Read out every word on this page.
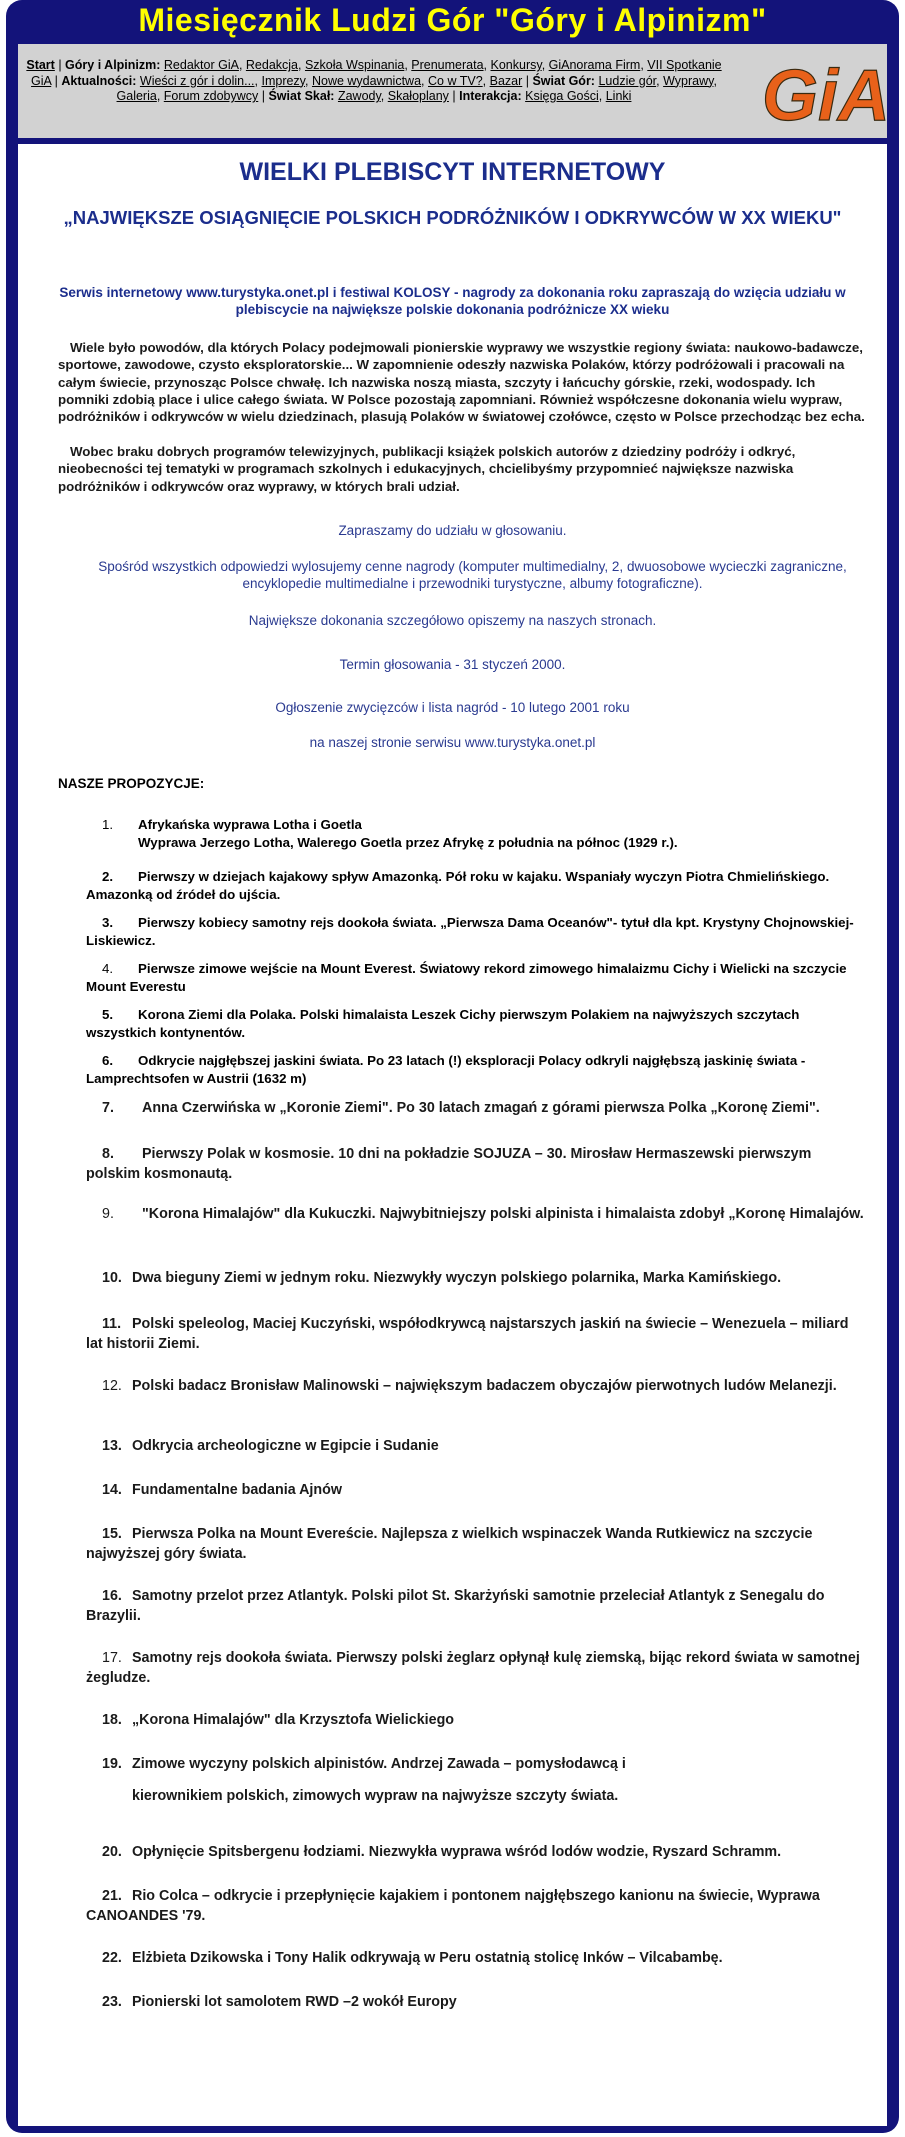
Miesięcznik Ludzi Gór "Góry i Alpinizm"
Start | Góry i Alpinizm: Redaktor GiA, Redakcja, Szkoła Wspinania, Prenumerata, Konkursy, GiAnorama Firm, VII Spotkanie GiA | Aktualności: Wieści z gór i dolin..., Imprezy, Nowe wydawnictwa, Co w TV?, Bazar | Świat Gór: Ludzie gór, Wyprawy, Galeria, Forum zdobywcy | Świat Skał: Zawody, Skałoplany | Interakcja: Księga Gości, Linki	GiA
WIELKI PLEBISCYT INTERNETOWY
„NAJWIĘKSZE OSIĄGNIĘCIE POLSKICH PODRÓŻNIKÓW I ODKRYWCÓW W XX WIEKU"
Serwis internetowy www.turystyka.onet.pl i festiwal KOLOSY - nagrody za dokonania roku zapraszają do wzięcia udziału w plebiscycie na największe polskie dokonania podróżnicze XX wieku
Wiele było powodów, dla których Polacy podejmowali pionierskie wyprawy we wszystkie regiony świata: naukowo-badawcze, sportowe, zawodowe, czysto eksploratorskie... W zapomnienie odeszły nazwiska Polaków, którzy podróżowali i pracowali na całym świecie, przynosząc Polsce chwałę. Ich nazwiska noszą miasta, szczyty i łańcuchy górskie, rzeki, wodospady. Ich pomniki zdobią place i ulice całego świata. W Polsce pozostają zapomniani. Również współczesne dokonania wielu wypraw, podróżników i odkrywców w wielu dziedzinach, plasują Polaków w światowej czołówce, często w Polsce przechodząc bez echa.
Wobec braku dobrych programów telewizyjnych, publikacji książek polskich autorów z dziedziny podróży i odkryć, nieobecności tej tematyki w programach szkolnych i edukacyjnych, chcielibyśmy przypomnieć największe nazwiska podróżników i odkrywców oraz wyprawy, w których brali udział.
Zapraszamy do udziału w głosowaniu.
Spośród wszystkich odpowiedzi wylosujemy cenne nagrody (komputer multimedialny, 2, dwuosobowe wycieczki zagraniczne, encyklopedie multimedialne i przewodniki turystyczne, albumy fotograficzne).
Największe dokonania szczegółowo opiszemy na naszych stronach.
Termin głosowania - 31 styczeń 2000.
Ogłoszenie zwycięzców i lista nagród - 10 lutego 2001 roku
na naszej stronie serwisu www.turystyka.onet.pl
NASZE PROPOZYCJE:
1. Afrykańska wyprawa Lotha i Goetla
Wyprawa Jerzego Lotha, Walerego Goetla przez Afrykę z południa na północ (1929 r.).
2. Pierwszy w dziejach kajakowy spływ Amazonką. Pół roku w kajaku. Wspaniały wyczyn Piotra Chmielińskiego. Amazonką od źródeł do ujścia.
3. Pierwszy kobiecy samotny rejs dookoła świata. „Pierwsza Dama Oceanów"- tytuł dla kpt. Krystyny Chojnowskiej- Liskiewicz.
4. Pierwsze zimowe wejście na Mount Everest. Światowy rekord zimowego himalaizmu Cichy i Wielicki na szczycie Mount Everestu
5. Korona Ziemi dla Polaka. Polski himalaista Leszek Cichy pierwszym Polakiem na najwyższych szczytach wszystkich kontynentów.
6. Odkrycie najgłębszej jaskini świata. Po 23 latach (!) eksploracji Polacy odkryli najgłębszą jaskinię świata - Lamprechtsofen w Austrii (1632 m)
7. Anna Czerwińska w „Koronie Ziemi". Po 30 latach zmagań z górami pierwsza Polka „Koronę Ziemi".
8. Pierwszy Polak w kosmosie. 10 dni na pokładzie SOJUZA – 30. Mirosław Hermaszewski pierwszym polskim kosmonautą.
9. "Korona Himalajów" dla Kukuczki. Najwybitniejszy polski alpinista i himalaista zdobył „Koronę Himalajów.
10. Dwa bieguny Ziemi w jednym roku. Niezwykły wyczyn polskiego polarnika, Marka Kamińskiego.
11. Polski speleolog, Maciej Kuczyński, współodkrywcą najstarszych jaskiń na świecie – Wenezuela – miliard lat historii Ziemi.
12. Polski badacz Bronisław Malinowski – największym badaczem obyczajów pierwotnych ludów Melanezji.
13. Odkrycia archeologiczne w Egipcie i Sudanie
14. Fundamentalne badania Ajnów
15. Pierwsza Polka na Mount Evereście. Najlepsza z wielkich wspinaczek Wanda Rutkiewicz na szczycie najwyższej góry świata.
16. Samotny przelot przez Atlantyk. Polski pilot St. Skarżyński samotnie przeleciał Atlantyk z Senegalu do Brazylii.
17. Samotny rejs dookoła świata. Pierwszy polski żeglarz opłynął kulę ziemską, bijąc rekord świata w samotnej żegludze.
18. „Korona Himalajów" dla Krzysztofa Wielickiego
19. Zimowe wyczyny polskich alpinistów. Andrzej Zawada – pomysłodawcą i
kierownikiem polskich, zimowych wypraw na najwyższe szczyty świata.
20. Opłynięcie Spitsbergenu łodziami. Niezwykła wyprawa wśród lodów wodzie, Ryszard Schramm.
21. Rio Colca – odkrycie i przepłynięcie kajakiem i pontonem najgłębszego kanionu na świecie, Wyprawa CANOANDES '79.
22. Elżbieta Dzikowska i Tony Halik odkrywają w Peru ostatnią stolicę Inków – Vilcabambę.
23. Pionierski lot samolotem RWD –2 wokół Europy
